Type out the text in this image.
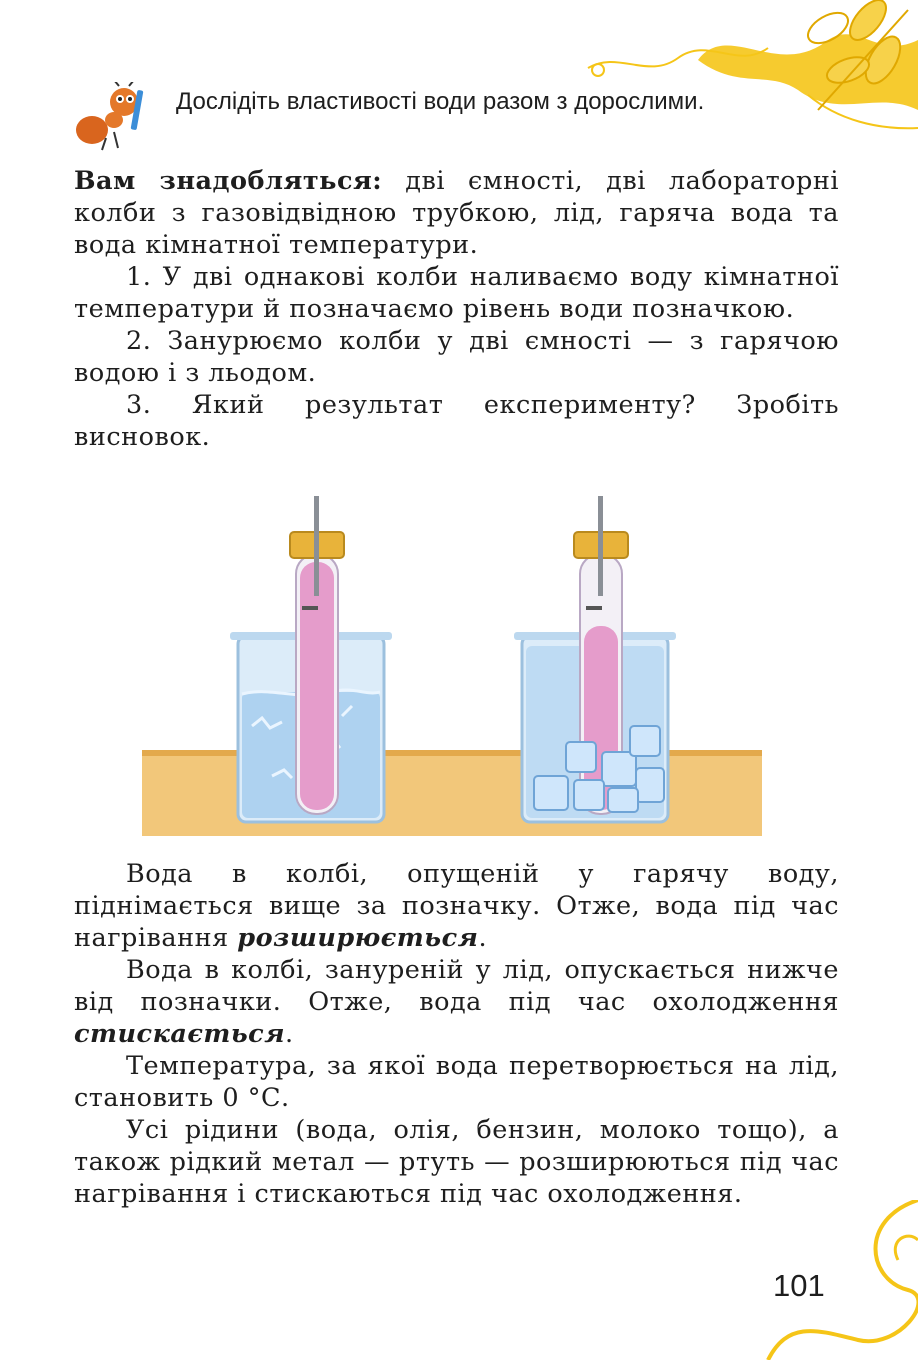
Дослідіть властивості води разом з дорослими.

Вам знадобляться: дві ємності, дві лабораторні колби з газовідвідною трубкою, лід, гаряча вода та вода кімнатної температури.

1. У дві однакові колби наливаємо воду кімнатної температури й позначаємо рівень води позначкою.

2. Занурюємо колби у дві ємності — з гарячою водою і з льодом.

3. Який результат експерименту? Зробіть висновок.

Вода в колбі, опущеній у гарячу воду, піднімається вище за позначку. Отже, вода під час нагрівання розширюється.

Вода в колбі, зануреній у лід, опускається нижче від позначки. Отже, вода під час охолодження стискається.

Температура, за якої вода перетворюється на лід, становить 0 °С.

Усі рідини (вода, олія, бензин, молоко тощо), а також рідкий метал — ртуть — розширюються під час нагрівання і стискаються під час охолодження.

101
